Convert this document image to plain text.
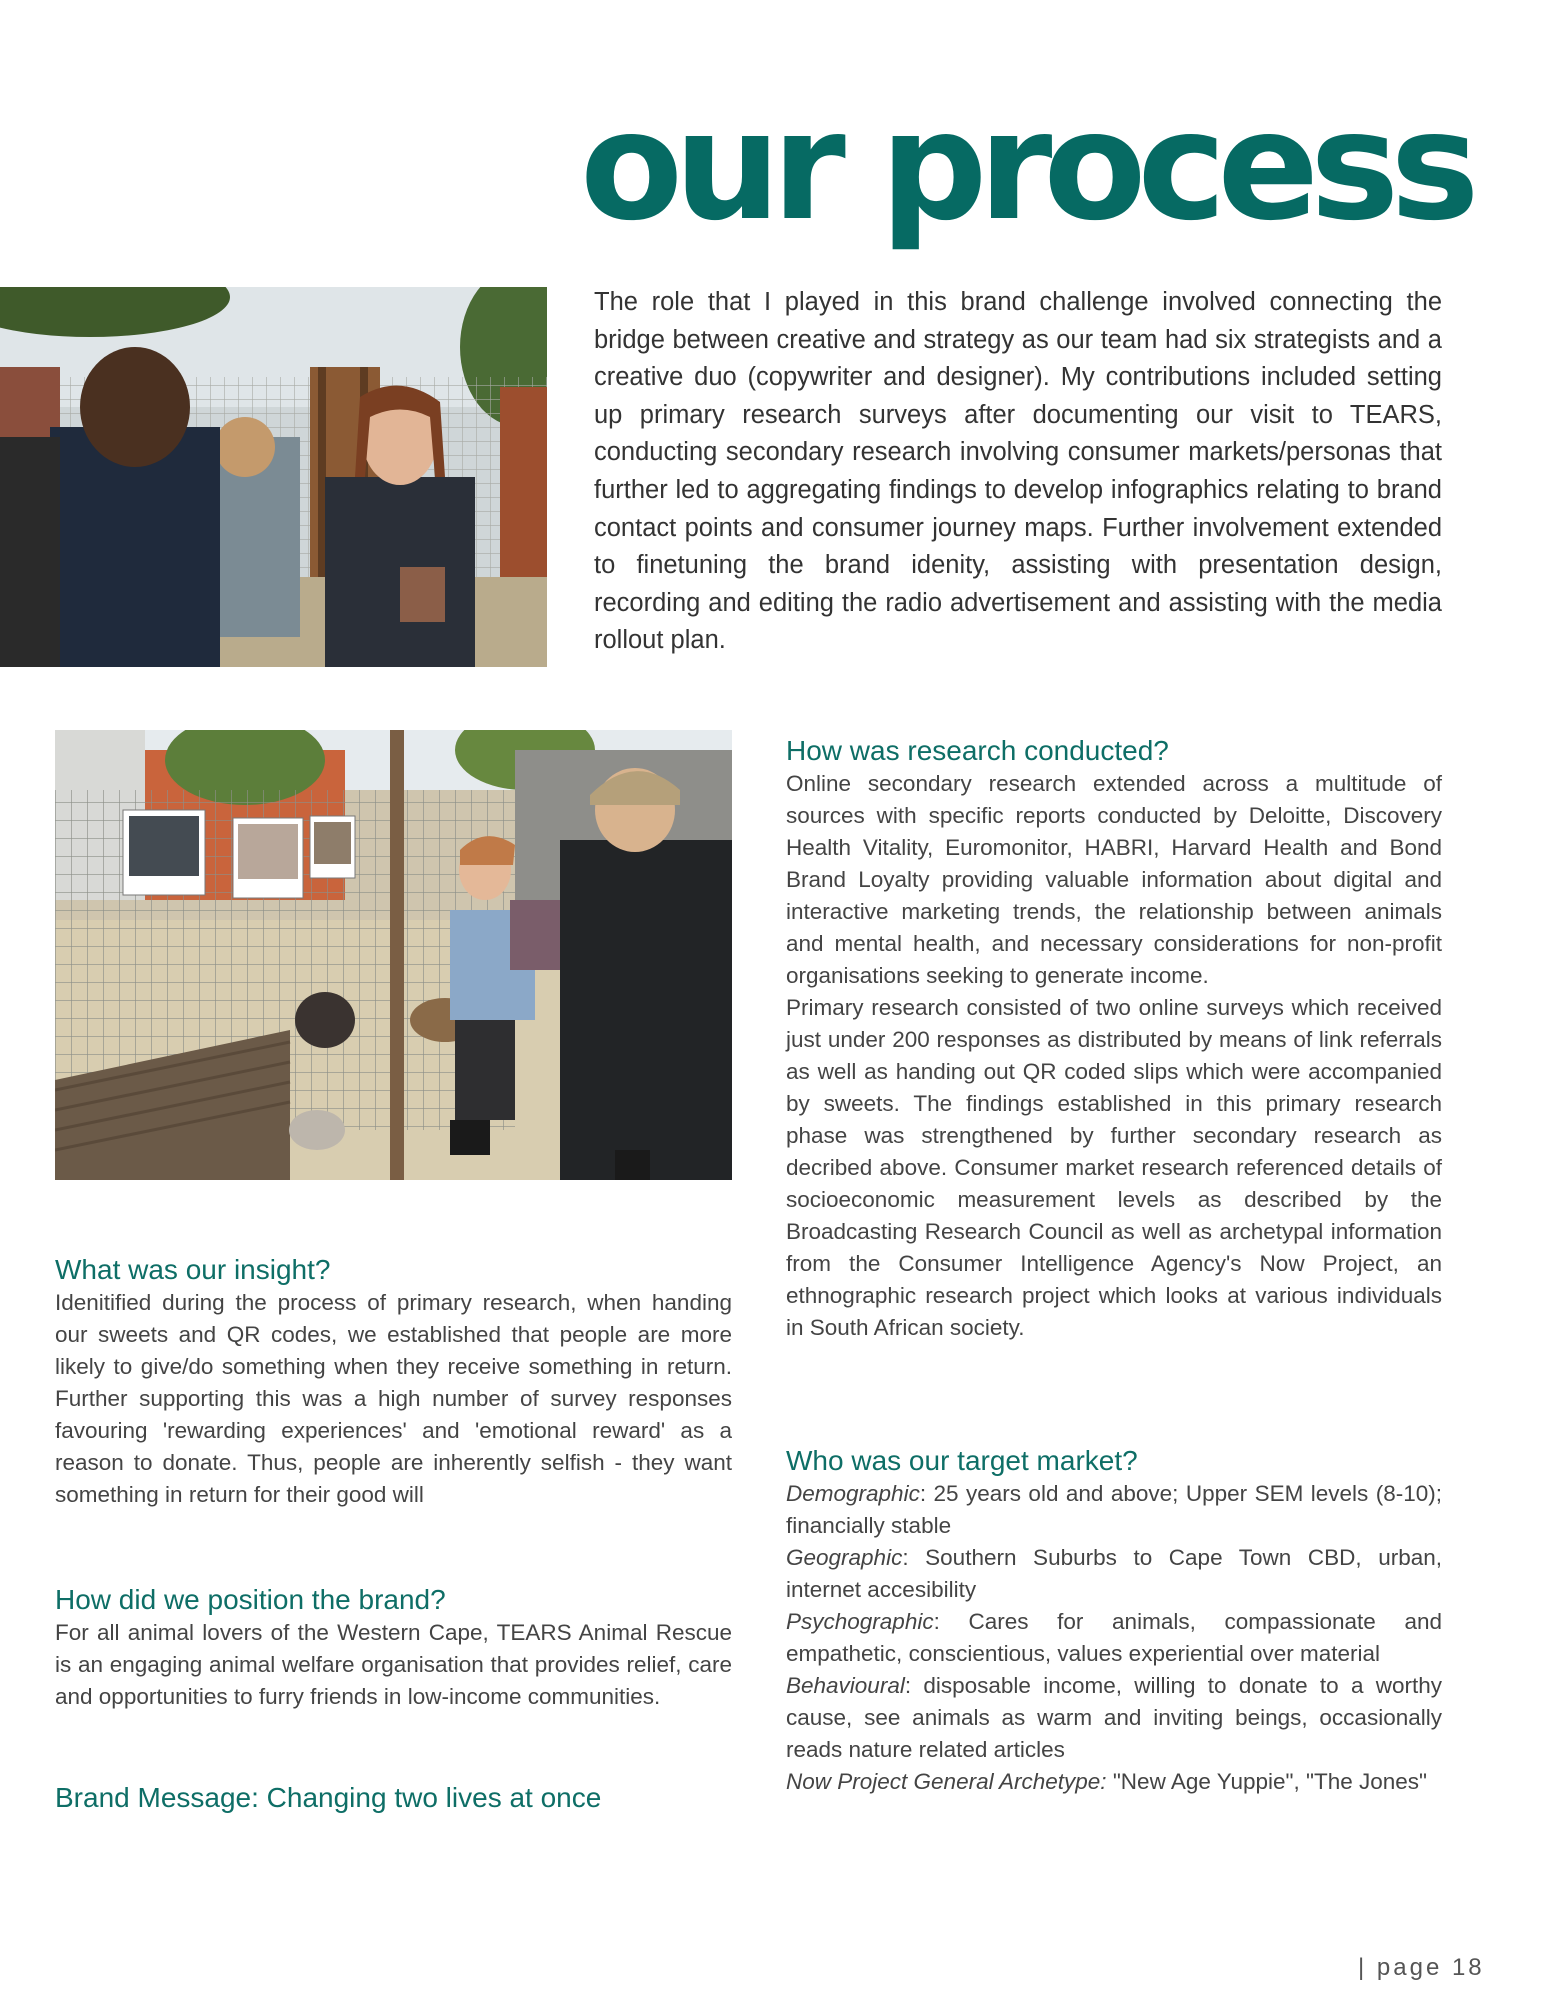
our process

The role that I played in this brand challenge involved connecting the bridge between creative and strategy as our team had six strategists and a creative duo (copywriter and designer). My contributions included setting up primary research surveys after documenting our visit to TEARS, conducting secondary research involving consumer markets/personas that further led to aggregating findings to develop infographics relating to brand contact points and consumer journey maps. Further involvement extended to finetuning the brand idenity, assisting with presentation design, recording and editing the radio advertisement and assisting with the media rollout plan.

What was our insight?

Idenitified during the process of primary research, when handing our sweets and QR codes, we established that people are more likely to give/do something when they receive something in return. Further supporting this was a high number of survey responses favouring 'rewarding experiences' and 'emotional reward' as a reason to donate. Thus, people are inherently selfish - they want something in return for their good will

How did we position the brand?

For all animal lovers of the Western Cape, TEARS Animal Rescue is an engaging animal welfare organisation that provides relief, care and opportunities to furry friends in low-income communities.

Brand Message: Changing two lives at once
How was research conducted?

Online secondary research extended across a multitude of sources with specific reports conducted by Deloitte, Discovery Health Vitality, Euromonitor, HABRI, Harvard Health and Bond Brand Loyalty providing valuable information about digital and interactive marketing trends, the relationship between animals and mental health, and necessary considerations for non-profit organisations seeking to generate income.

Primary research consisted of two online surveys which received just under 200 responses as distributed by means of link referrals as well as handing out QR coded slips which were accompanied by sweets. The findings established in this primary research phase was strengthened by further secondary research as decribed above. Consumer market research referenced details of socioeconomic measurement levels as described by the Broadcasting Research Council as well as archetypal information from the Consumer Intelligence Agency's Now Project, an ethnographic research project which looks at various individuals in South African society.

Who was our target market?

Demographic: 25 years old and above; Upper SEM levels (8-10); financially stable

Geographic: Southern Suburbs to Cape Town CBD, urban, internet accesibility

Psychographic: Cares for animals, compassionate and empathetic, conscientious, values experiential over material

Behavioural: disposable income, willing to donate to a worthy cause, see animals as warm and inviting beings, occasionally reads nature related articles

Now Project General Archetype: "New Age Yuppie", "The Jones"

| page 18
